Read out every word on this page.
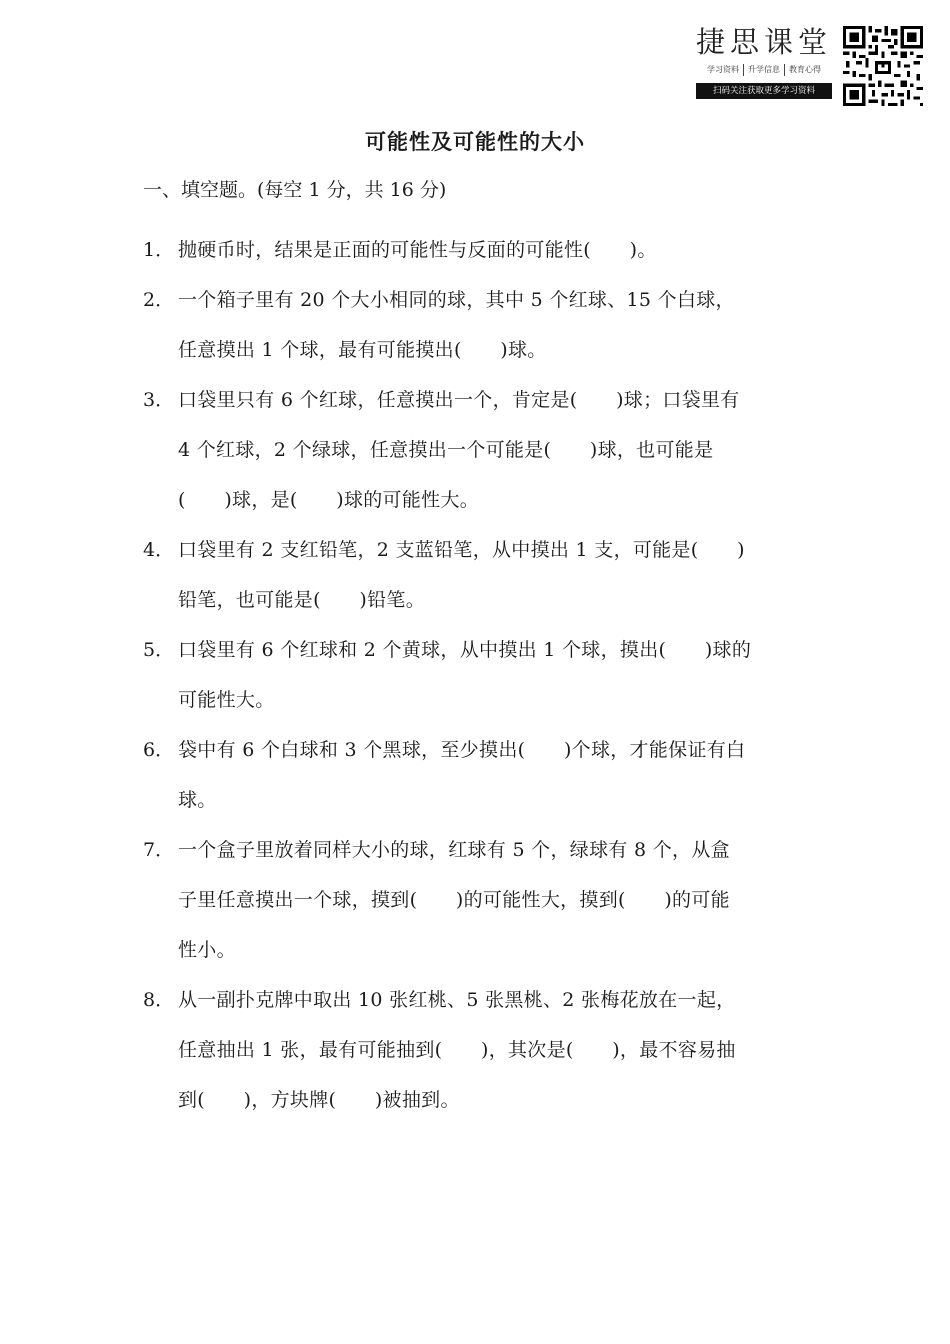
捷思课堂
学习资料	升学信息	教育心得
扫码关注获取更多学习资料
可能性及可能性的大小
一、填空题。(每空 1 分，共 16 分)
1． 抛硬币时，结果是正面的可能性与反面的可能性(　　)。
2． 一个箱子里有 20 个大小相同的球，其中 5 个红球、15 个白球，
任意摸出 1 个球，最有可能摸出(　　)球。
3． 口袋里只有 6 个红球，任意摸出一个，肯定是(　　)球；口袋里有
4 个红球，2 个绿球，任意摸出一个可能是(　　)球，也可能是
(　　)球，是(　　)球的可能性大。
4． 口袋里有 2 支红铅笔，2 支蓝铅笔，从中摸出 1 支，可能是(　　)
铅笔，也可能是(　　)铅笔。
5． 口袋里有 6 个红球和 2 个黄球，从中摸出 1 个球，摸出(　　)球的
可能性大。
6． 袋中有 6 个白球和 3 个黑球，至少摸出(　　)个球，才能保证有白
球。
7． 一个盒子里放着同样大小的球，红球有 5 个，绿球有 8 个，从盒
子里任意摸出一个球，摸到(　　)的可能性大，摸到(　　)的可能
性小。
8． 从一副扑克牌中取出 10 张红桃、5 张黑桃、2 张梅花放在一起，
任意抽出 1 张，最有可能抽到(　　)，其次是(　　)，最不容易抽
到(　　)，方块牌(　　)被抽到。
